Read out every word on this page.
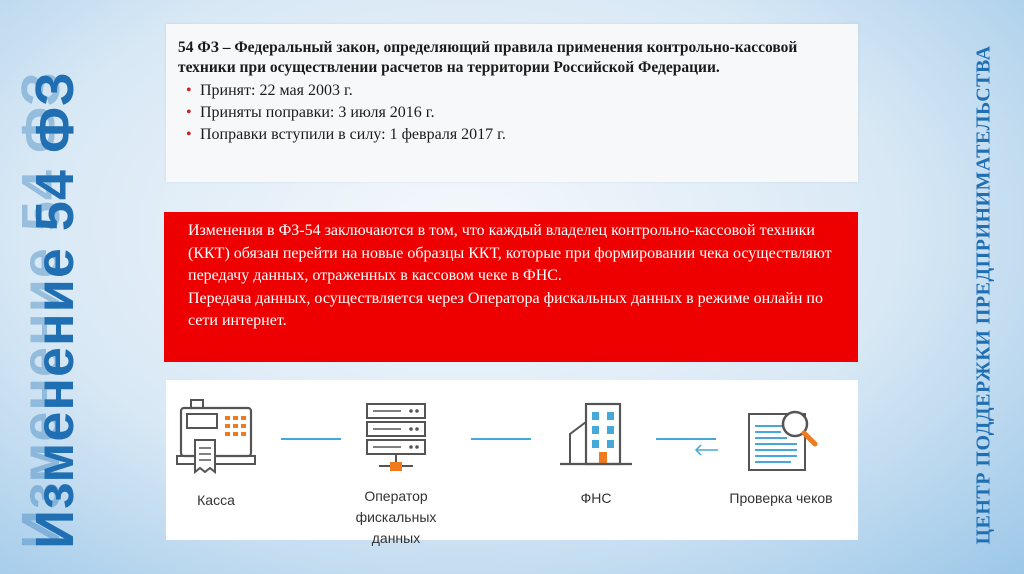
Изменение 54 ФЗ	ЦЕНТР ПОДДЕРЖКИ ПРЕДПРИНИМАТЕЛЬСТВА

54 ФЗ – Федеральный закон, определяющий правила применения контрольно-кассовой техники при осуществлении расчетов на территории Российской Федерации.

• Принят: 22 мая 2003 г.
• Приняты поправки: 3 июля 2016 г.
• Поправки вступили в силу: 1 февраля 2017 г.

Изменения в ФЗ-54 заключаются в том, что каждый владелец контрольно-кассовой техники (ККТ) обязан перейти на новые образцы ККТ, которые при формировании чека осуществляют передачу данных, отраженных в кассовом чеке в ФНС.

Передача данных, осуществляется через Оператора фискальных данных в режиме онлайн по сети интернет.

Касса	Оператор
фискальных данных
ФНС	Проверка чеков
